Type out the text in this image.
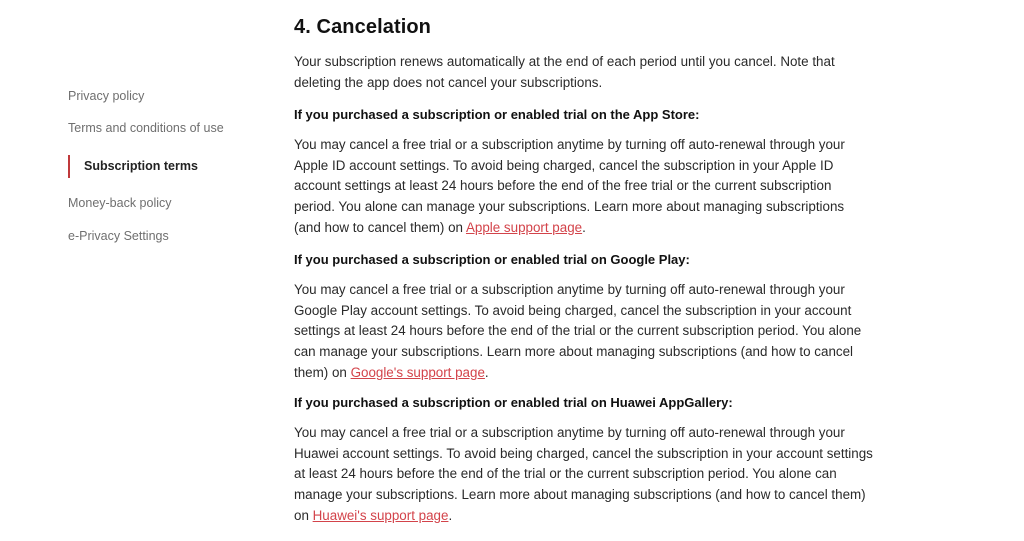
Privacy policy
Terms and conditions of use
Subscription terms
Money-back policy
e-Privacy Settings
4. Cancelation

Your subscription renews automatically at the end of each period until you cancel. Note that deleting the app does not cancel your subscriptions.

If you purchased a subscription or enabled trial on the App Store:

You may cancel a free trial or a subscription anytime by turning off auto-renewal through your Apple ID account settings. To avoid being charged, cancel the subscription in your Apple ID account settings at least 24 hours before the end of the free trial or the current subscription period. You alone can manage your subscriptions. Learn more about managing subscriptions (and how to cancel them) on Apple support page.

If you purchased a subscription or enabled trial on Google Play:

You may cancel a free trial or a subscription anytime by turning off auto-renewal through your Google Play account settings. To avoid being charged, cancel the subscription in your account settings at least 24 hours before the end of the trial or the current subscription period. You alone can manage your subscriptions. Learn more about managing subscriptions (and how to cancel them) on Google's support page.

If you purchased a subscription or enabled trial on Huawei AppGallery:

You may cancel a free trial or a subscription anytime by turning off auto-renewal through your Huawei account settings. To avoid being charged, cancel the subscription in your account settings at least 24 hours before the end of the trial or the current subscription period. You alone can manage your subscriptions. Learn more about managing subscriptions (and how to cancel them) on Huawei's support page.
